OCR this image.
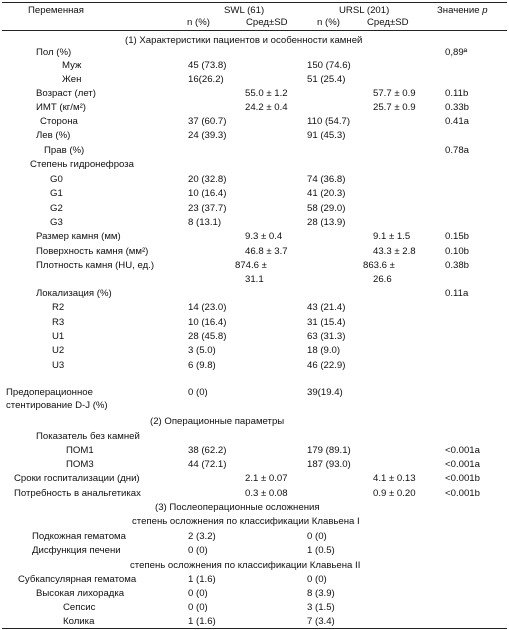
Переменная	SWL (61)	URSL (201)	Значение p
n (%)	Сред±SD	n (%)	Сред±SD
(1) Характеристики пациентов и особенности камней
Пол (%)	0,89ª
Муж	45 (73.8)	150 (74.6)
Жен	16(26.2)	51 (25.4)
Возраст (лет)	55.0 ± 1.2	57.7 ± 0.9	0.11b
ИМТ (кг/м²)	24.2 ± 0.4	25.7 ± 0.9	0.33b
Сторона	37 (60.7)	110 (54.7)	0.41a
Лев (%)	24 (39.3)	91 (45.3)
Прав (%)	0.78a
Степень гидронефроза
G0	20 (32.8)	74 (36.8)
G1	10 (16.4)	41 (20.3)
G2	23 (37.7)	58 (29.0)
G3	8 (13.1)	28 (13.9)
Размер камня (мм)	9.3 ± 0.4	9.1 ± 1.5	0.15b
Поверхность камня (мм²)	46.8 ± 3.7	43.3 ± 2.8	0.10b
Плотность камня (HU, ед.)	874.6 ±	863.6 ±	0.38b
31.1	26.6
Локализация (%)	0.11a
R2	14 (23.0)	43 (21.4)
R3	10 (16.4)	31 (15.4)
U1	28 (45.8)	63 (31.3)
U2	3 (5.0)	18 (9.0)
U3	6 (9.8)	46 (22.9)
Предоперационное	0 (0)	39(19.4)
стентирование D-J (%)
(2) Операционные параметры
Показатель без камней
ПОМ1	38 (62.2)	179 (89.1)	<0.001a
ПОМ3	44 (72.1)	187 (93.0)	<0.001a
Сроки госпитализации (дни)	2.1 ± 0.07	4.1 ± 0.13	<0.001b
Потребность в анальгетиках	0.3 ± 0.08	0.9 ± 0.20	<0.001b
(3) Послеоперационные осложнения
степень осложнения по классификации Клавьена I
Подкожная гематома	2 (3.2)	0 (0)
Дисфункция печени	0 (0)	1 (0.5)
степень осложнения по классификации Клавьена II
Субкапсулярная гематома	1 (1.6)	0 (0)
Высокая лихорадка	0 (0)	8 (3.9)
Сепсис	0 (0)	3 (1.5)
Колика	1 (1.6)	7 (3.4)
